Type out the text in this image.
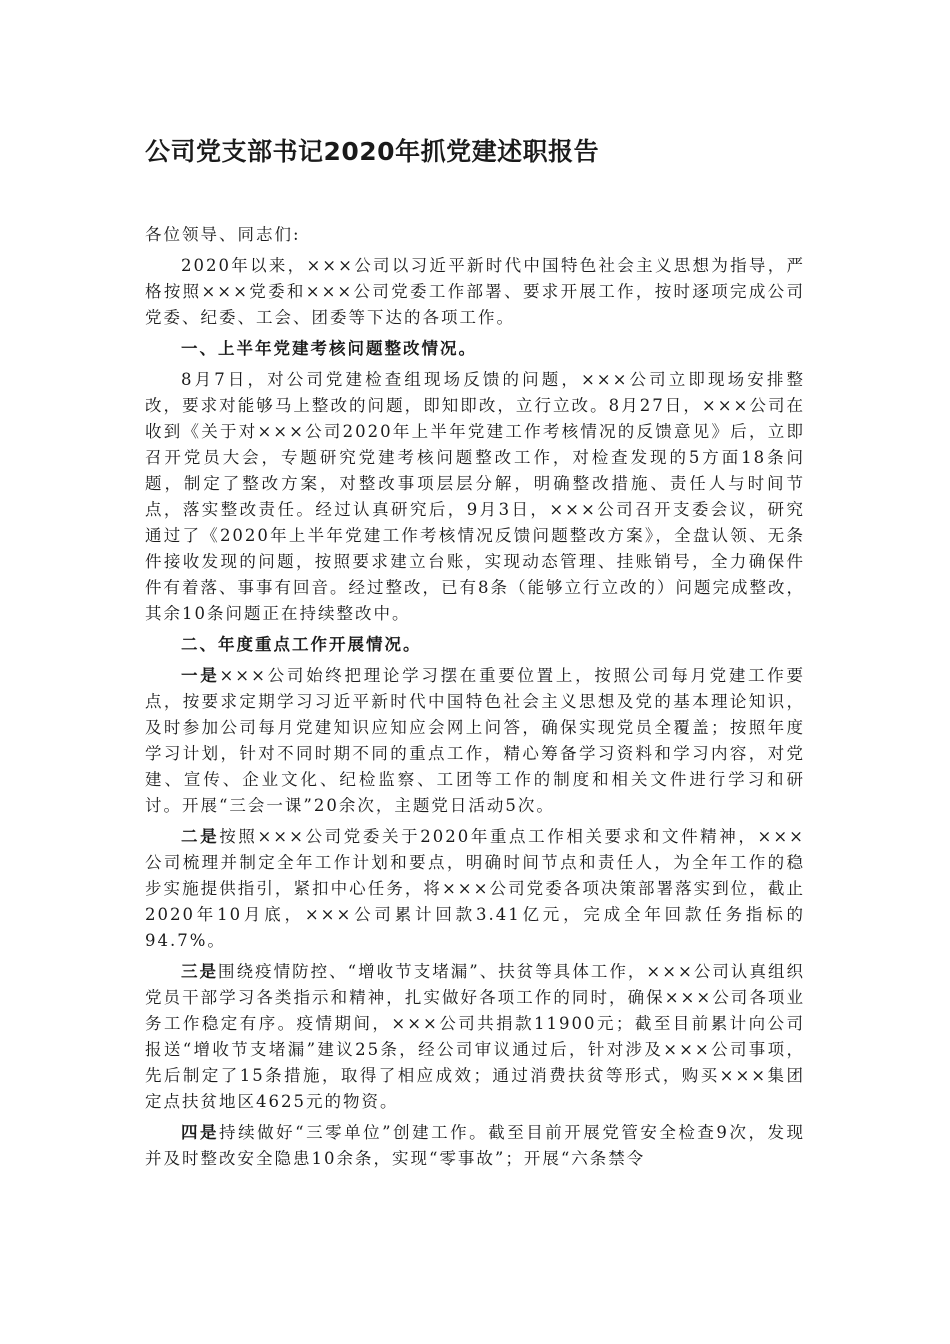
公司党支部书记2020年抓党建述职报告

各位领导、同志们:

2020年以来，×××公司以习近平新时代中国特色社会主义思想为指导，严格按照×××党委和×××公司党委工作部署、要求开展工作，按时逐项完成公司党委、纪委、工会、团委等下达的各项工作。

一、上半年党建考核问题整改情况。

8月7日，对公司党建检查组现场反馈的问题，×××公司立即现场安排整改，要求对能够马上整改的问题，即知即改，立行立改。8月27日，×××公司在收到《关于对×××公司2020年上半年党建工作考核情况的反馈意见》后，立即召开党员大会，专题研究党建考核问题整改工作，对检查发现的5方面18条问题，制定了整改方案，对整改事项层层分解，明确整改措施、责任人与时间节点，落实整改责任。经过认真研究后，9月3日，×××公司召开支委会议，研究通过了《2020年上半年党建工作考核情况反馈问题整改方案》，全盘认领、无条件接收发现的问题，按照要求建立台账，实现动态管理、挂账销号，全力确保件件有着落、事事有回音。经过整改，已有8条（能够立行立改的）问题完成整改，其余10条问题正在持续整改中。

二、年度重点工作开展情况。

一是×××公司始终把理论学习摆在重要位置上，按照公司每月党建工作要点，按要求定期学习习近平新时代中国特色社会主义思想及党的基本理论知识，及时参加公司每月党建知识应知应会网上问答，确保实现党员全覆盖；按照年度学习计划，针对不同时期不同的重点工作，精心筹备学习资料和学习内容，对党建、宣传、企业文化、纪检监察、工团等工作的制度和相关文件进行学习和研讨。开展“三会一课”20余次，主题党日活动5次。

二是按照×××公司党委关于2020年重点工作相关要求和文件精神，×××公司梳理并制定全年工作计划和要点，明确时间节点和责任人，为全年工作的稳步实施提供指引，紧扣中心任务，将×××公司党委各项决策部署落实到位，截止2020年10月底，×××公司累计回款3.41亿元，完成全年回款任务指标的94.7%。

三是围绕疫情防控、“增收节支堵漏”、扶贫等具体工作，×××公司认真组织党员干部学习各类指示和精神，扎实做好各项工作的同时，确保×××公司各项业务工作稳定有序。疫情期间，×××公司共捐款11900元；截至目前累计向公司报送“增收节支堵漏”建议25条，经公司审议通过后，针对涉及×××公司事项，先后制定了15条措施，取得了相应成效；通过消费扶贫等形式，购买×××集团定点扶贫地区4625元的物资。

四是持续做好“三零单位”创建工作。截至目前开展党管安全检查9次，发现并及时整改安全隐患10余条，实现“零事故”；开展“六条禁令
